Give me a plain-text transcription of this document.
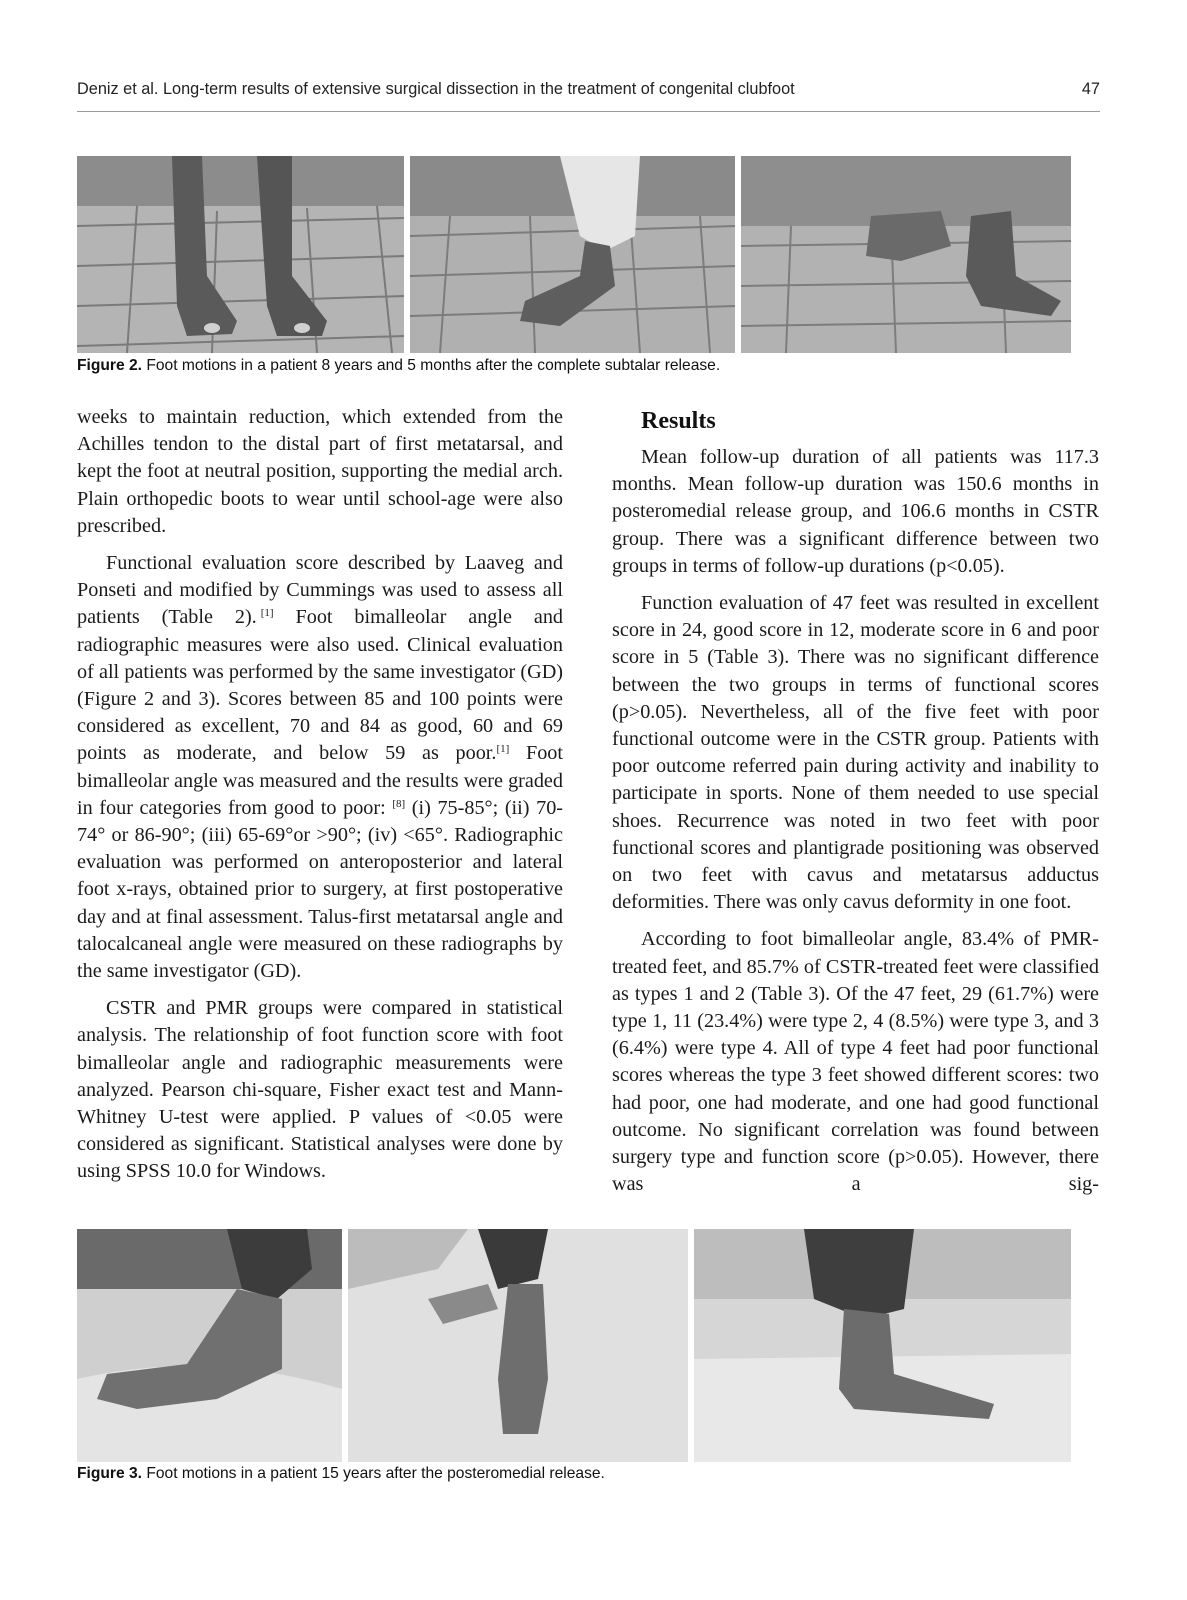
Deniz et al. Long-term results of extensive surgical dissection in the treatment of congenital clubfoot	47
Figure 2. Foot motions in a patient 8 years and 5 months after the complete subtalar release.

weeks to maintain reduction, which extended from the Achilles tendon to the distal part of first metatarsal, and kept the foot at neutral position, supporting the medial arch. Plain orthopedic boots to wear until school-age were also prescribed.

Functional evaluation score described by Laaveg and Ponseti and modified by Cummings was used to assess all patients (Table 2).  [1] Foot bimalleolar angle and radiographic measures were also used. Clinical evaluation of all patients was performed by the same investigator (GD) (Figure 2 and 3). Scores between 85 and 100 points were considered as excellent, 70 and 84 as good, 60 and 69 points as moderate, and below 59 as poor.[1] Foot bimalleolar angle was measured and the results were graded in four categories from good to poor: [8] (i) 75-85°; (ii) 70-74° or 86-90°; (iii) 65-69°or >90°; (iv) <65°. Radiographic evaluation was performed on anteroposterior and lateral foot x-rays, obtained prior to surgery, at first postoperative day and at final assessment. Talus-first metatarsal angle and talocalcaneal angle were measured on these radiographs by the same investigator (GD).

CSTR and PMR groups were compared in statistical analysis. The relationship of foot function score with foot bimalleolar angle and radiographic measurements were analyzed. Pearson chi-square, Fisher exact test and Mann-Whitney U-test were applied. P values of <0.05 were considered as significant. Statistical analyses were done by using SPSS 10.0 for Windows.

Results

Mean follow-up duration of all patients was 117.3 months. Mean follow-up duration was 150.6 months in posteromedial release group, and 106.6 months in CSTR group. There was a significant difference between two groups in terms of follow-up durations (p<0.05).

Function evaluation of 47 feet was resulted in excellent score in 24, good score in 12, moderate score in 6 and poor score in 5 (Table 3). There was no significant difference between the two groups in terms of functional scores (p>0.05). Nevertheless, all of the five feet with poor functional outcome were in the CSTR group. Patients with poor outcome referred pain during activity and inability to participate in sports. None of them needed to use special shoes. Recurrence was noted in two feet with poor functional scores and plantigrade positioning was observed on two feet with cavus and metatarsus adductus deformities. There was only cavus deformity in one foot.

According to foot bimalleolar angle, 83.4% of PMR-treated feet, and 85.7% of CSTR-treated feet were classified as types 1 and 2 (Table 3). Of the 47 feet, 29 (61.7%) were type 1, 11 (23.4%) were type 2, 4 (8.5%) were type 3, and 3 (6.4%) were type 4. All of type 4 feet had poor functional scores whereas the type 3 feet showed different scores: two had poor, one had moderate, and one had good functional outcome. No significant correlation was found between surgery type and function score (p>0.05). However, there was a sig-

Figure 3. Foot motions in a patient 15 years after the posteromedial release.
